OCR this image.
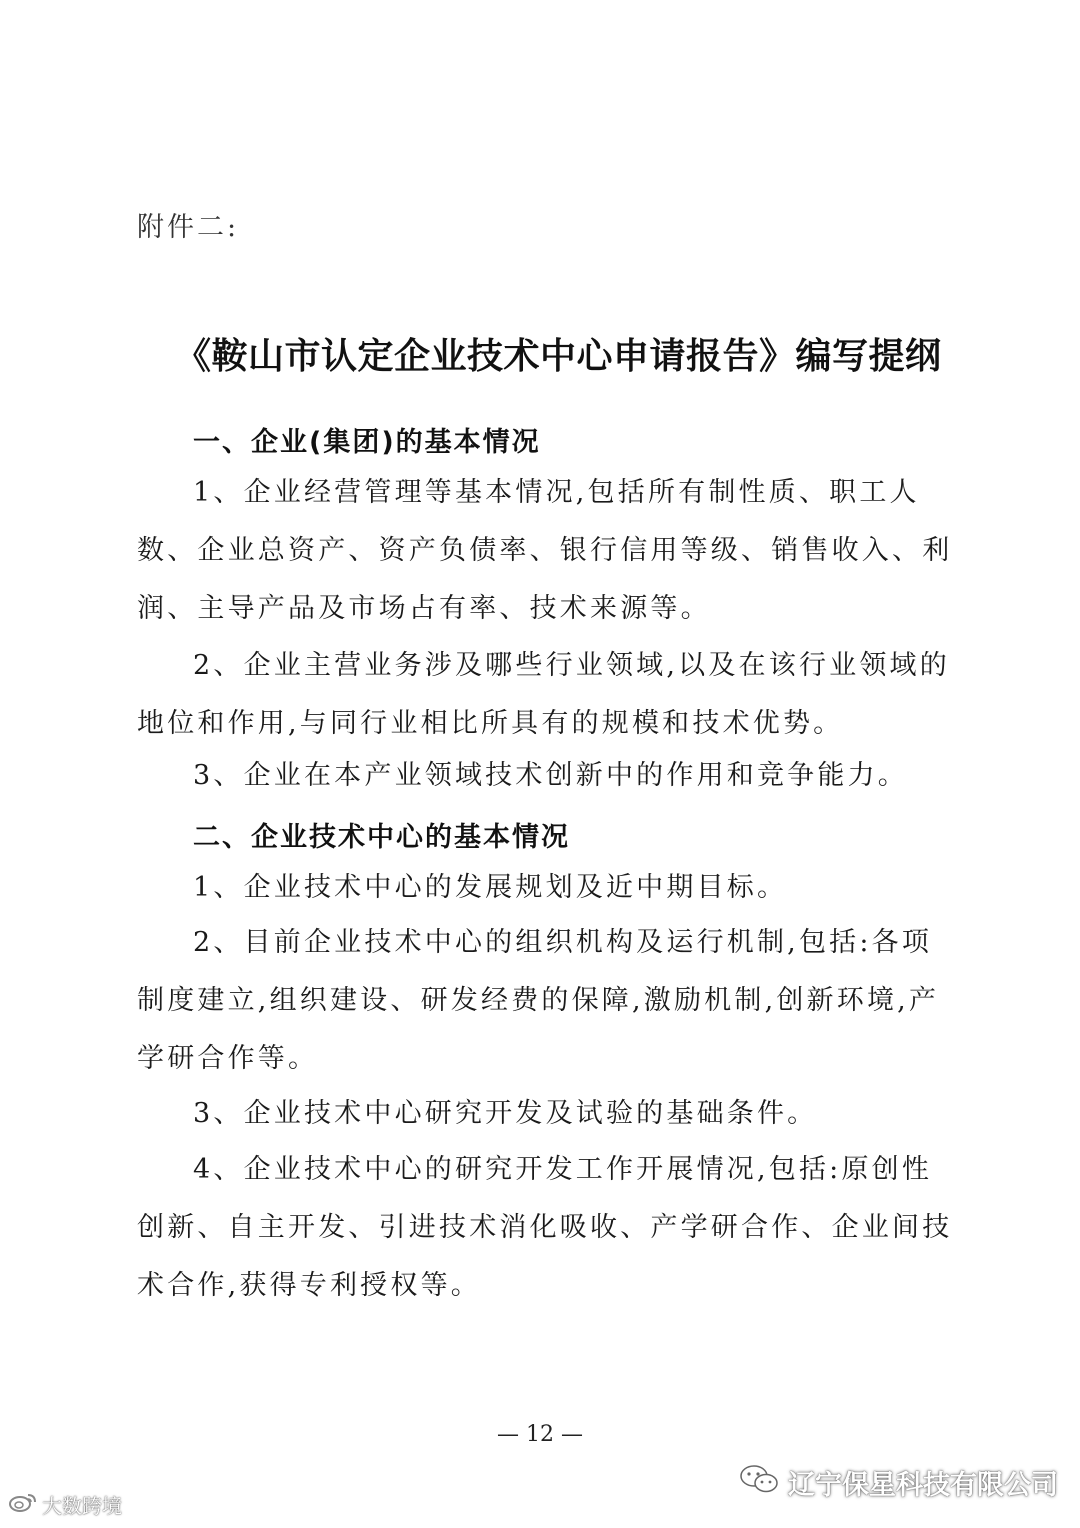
附件二:
《鞍山市认定企业技术中心申请报告》编写提纲
一、企业(集团)的基本情况
1、企业经营管理等基本情况,包括所有制性质、职工人数、企业总资产、资产负债率、银行信用等级、销售收入、利润、主导产品及市场占有率、技术来源等。
2、企业主营业务涉及哪些行业领域,以及在该行业领域的地位和作用,与同行业相比所具有的规模和技术优势。
3、企业在本产业领域技术创新中的作用和竞争能力。
二、企业技术中心的基本情况
1、企业技术中心的发展规划及近中期目标。
2、目前企业技术中心的组织机构及运行机制,包括:各项制度建立,组织建设、研发经费的保障,激励机制,创新环境,产学研合作等。
3、企业技术中心研究开发及试验的基础条件。
4、企业技术中心的研究开发工作开展情况,包括:原创性创新、自主开发、引进技术消化吸收、产学研合作、企业间技术合作,获得专利授权等。
— 12 —
大数跨境
辽宁保星科技有限公司
